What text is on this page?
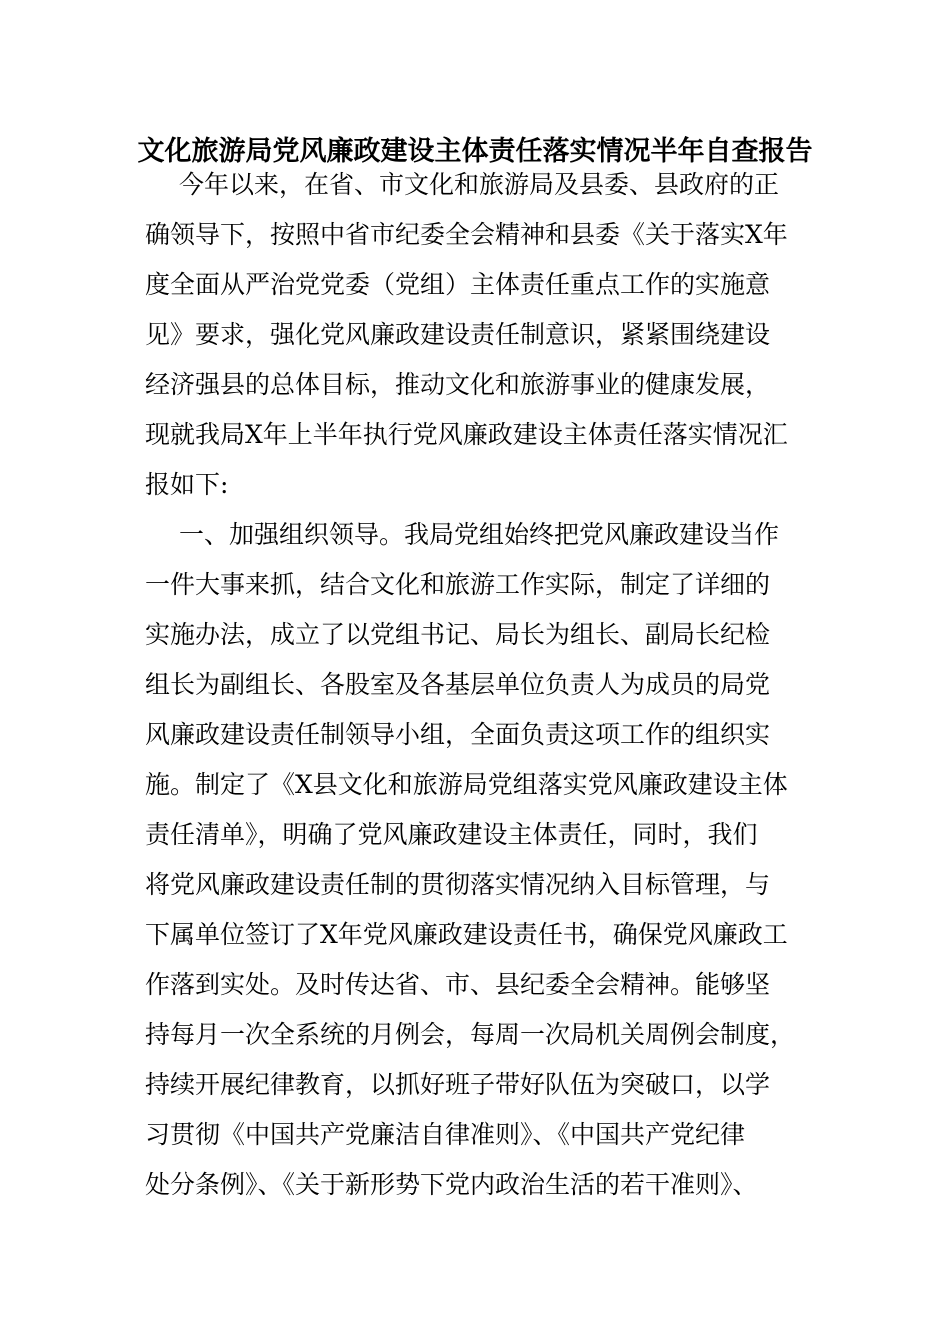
文化旅游局党风廉政建设主体责任落实情况半年自查报告
今年以来，在省、市文化和旅游局及县委、县政府的正
确领导下，按照中省市纪委全会精神和县委《关于落实X年
度全面从严治党党委（党组）主体责任重点工作的实施意
见》要求，强化党风廉政建设责任制意识，紧紧围绕建设
经济强县的总体目标，推动文化和旅游事业的健康发展，
现就我局X年上半年执行党风廉政建设主体责任落实情况汇
报如下:
一、加强组织领导。我局党组始终把党风廉政建设当作
一件大事来抓，结合文化和旅游工作实际，制定了详细的
实施办法，成立了以党组书记、局长为组长、副局长纪检
组长为副组长、各股室及各基层单位负责人为成员的局党
风廉政建设责任制领导小组，全面负责这项工作的组织实
施。制定了《X县文化和旅游局党组落实党风廉政建设主体
责任清单》，明确了党风廉政建设主体责任，同时，我们
将党风廉政建设责任制的贯彻落实情况纳入目标管理，与
下属单位签订了X年党风廉政建设责任书，确保党风廉政工
作落到实处。及时传达省、市、县纪委全会精神。能够坚
持每月一次全系统的月例会，每周一次局机关周例会制度，
持续开展纪律教育，以抓好班子带好队伍为突破口，以学
习贯彻《中国共产党廉洁自律准则》、《中国共产党纪律
处分条例》、《关于新形势下党内政治生活的若干准则》、
